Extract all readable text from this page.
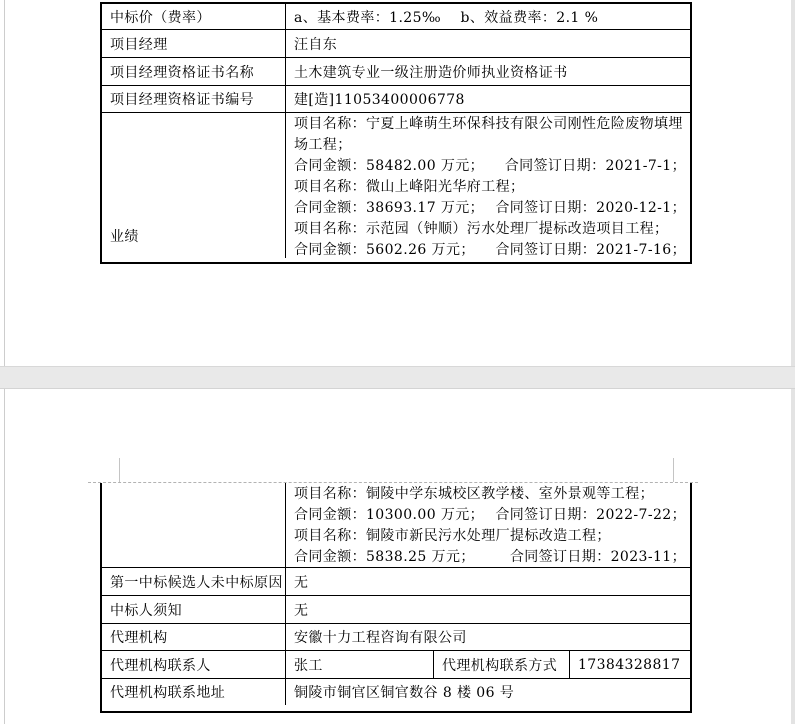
中标价（费率）	a、基本费率：1.25‰    b、效益费率：2.1 %
项目经理	汪自东
项目经理资格证书名称	土木建筑专业一级注册造价师执业资格证书
项目经理资格证书编号	建[造]11053400006778
业绩
项目名称：宁夏上峰萌生环保科技有限公司刚性危险废物填埋场工程；
合同金额：58482.00 万元； 合同签订日期：2021-7-1；
项目名称：微山上峰阳光华府工程；
合同金额：38693.17 万元； 合同签订日期：2020-12-1；
项目名称：示范园（钟顺）污水处理厂提标改造项目工程；
合同金额：5602.26 万元； 合同签订日期：2021-7-16；
项目名称：铜陵中学东城校区教学楼、室外景观等工程；
合同金额：10300.00 万元； 合同签订日期：2022-7-22；
项目名称：铜陵市新民污水处理厂提标改造工程；
合同金额：5838.25 万元；	合同签订日期：2023-11；
第一中标候选人未中标原因 无
中标人须知	无
代理机构	安徽十力工程咨询有限公司
代理机构联系人	张工	代理机构联系方式	17384328817
代理机构联系地址	铜陵市铜官区铜官数谷 8 楼 06 号
